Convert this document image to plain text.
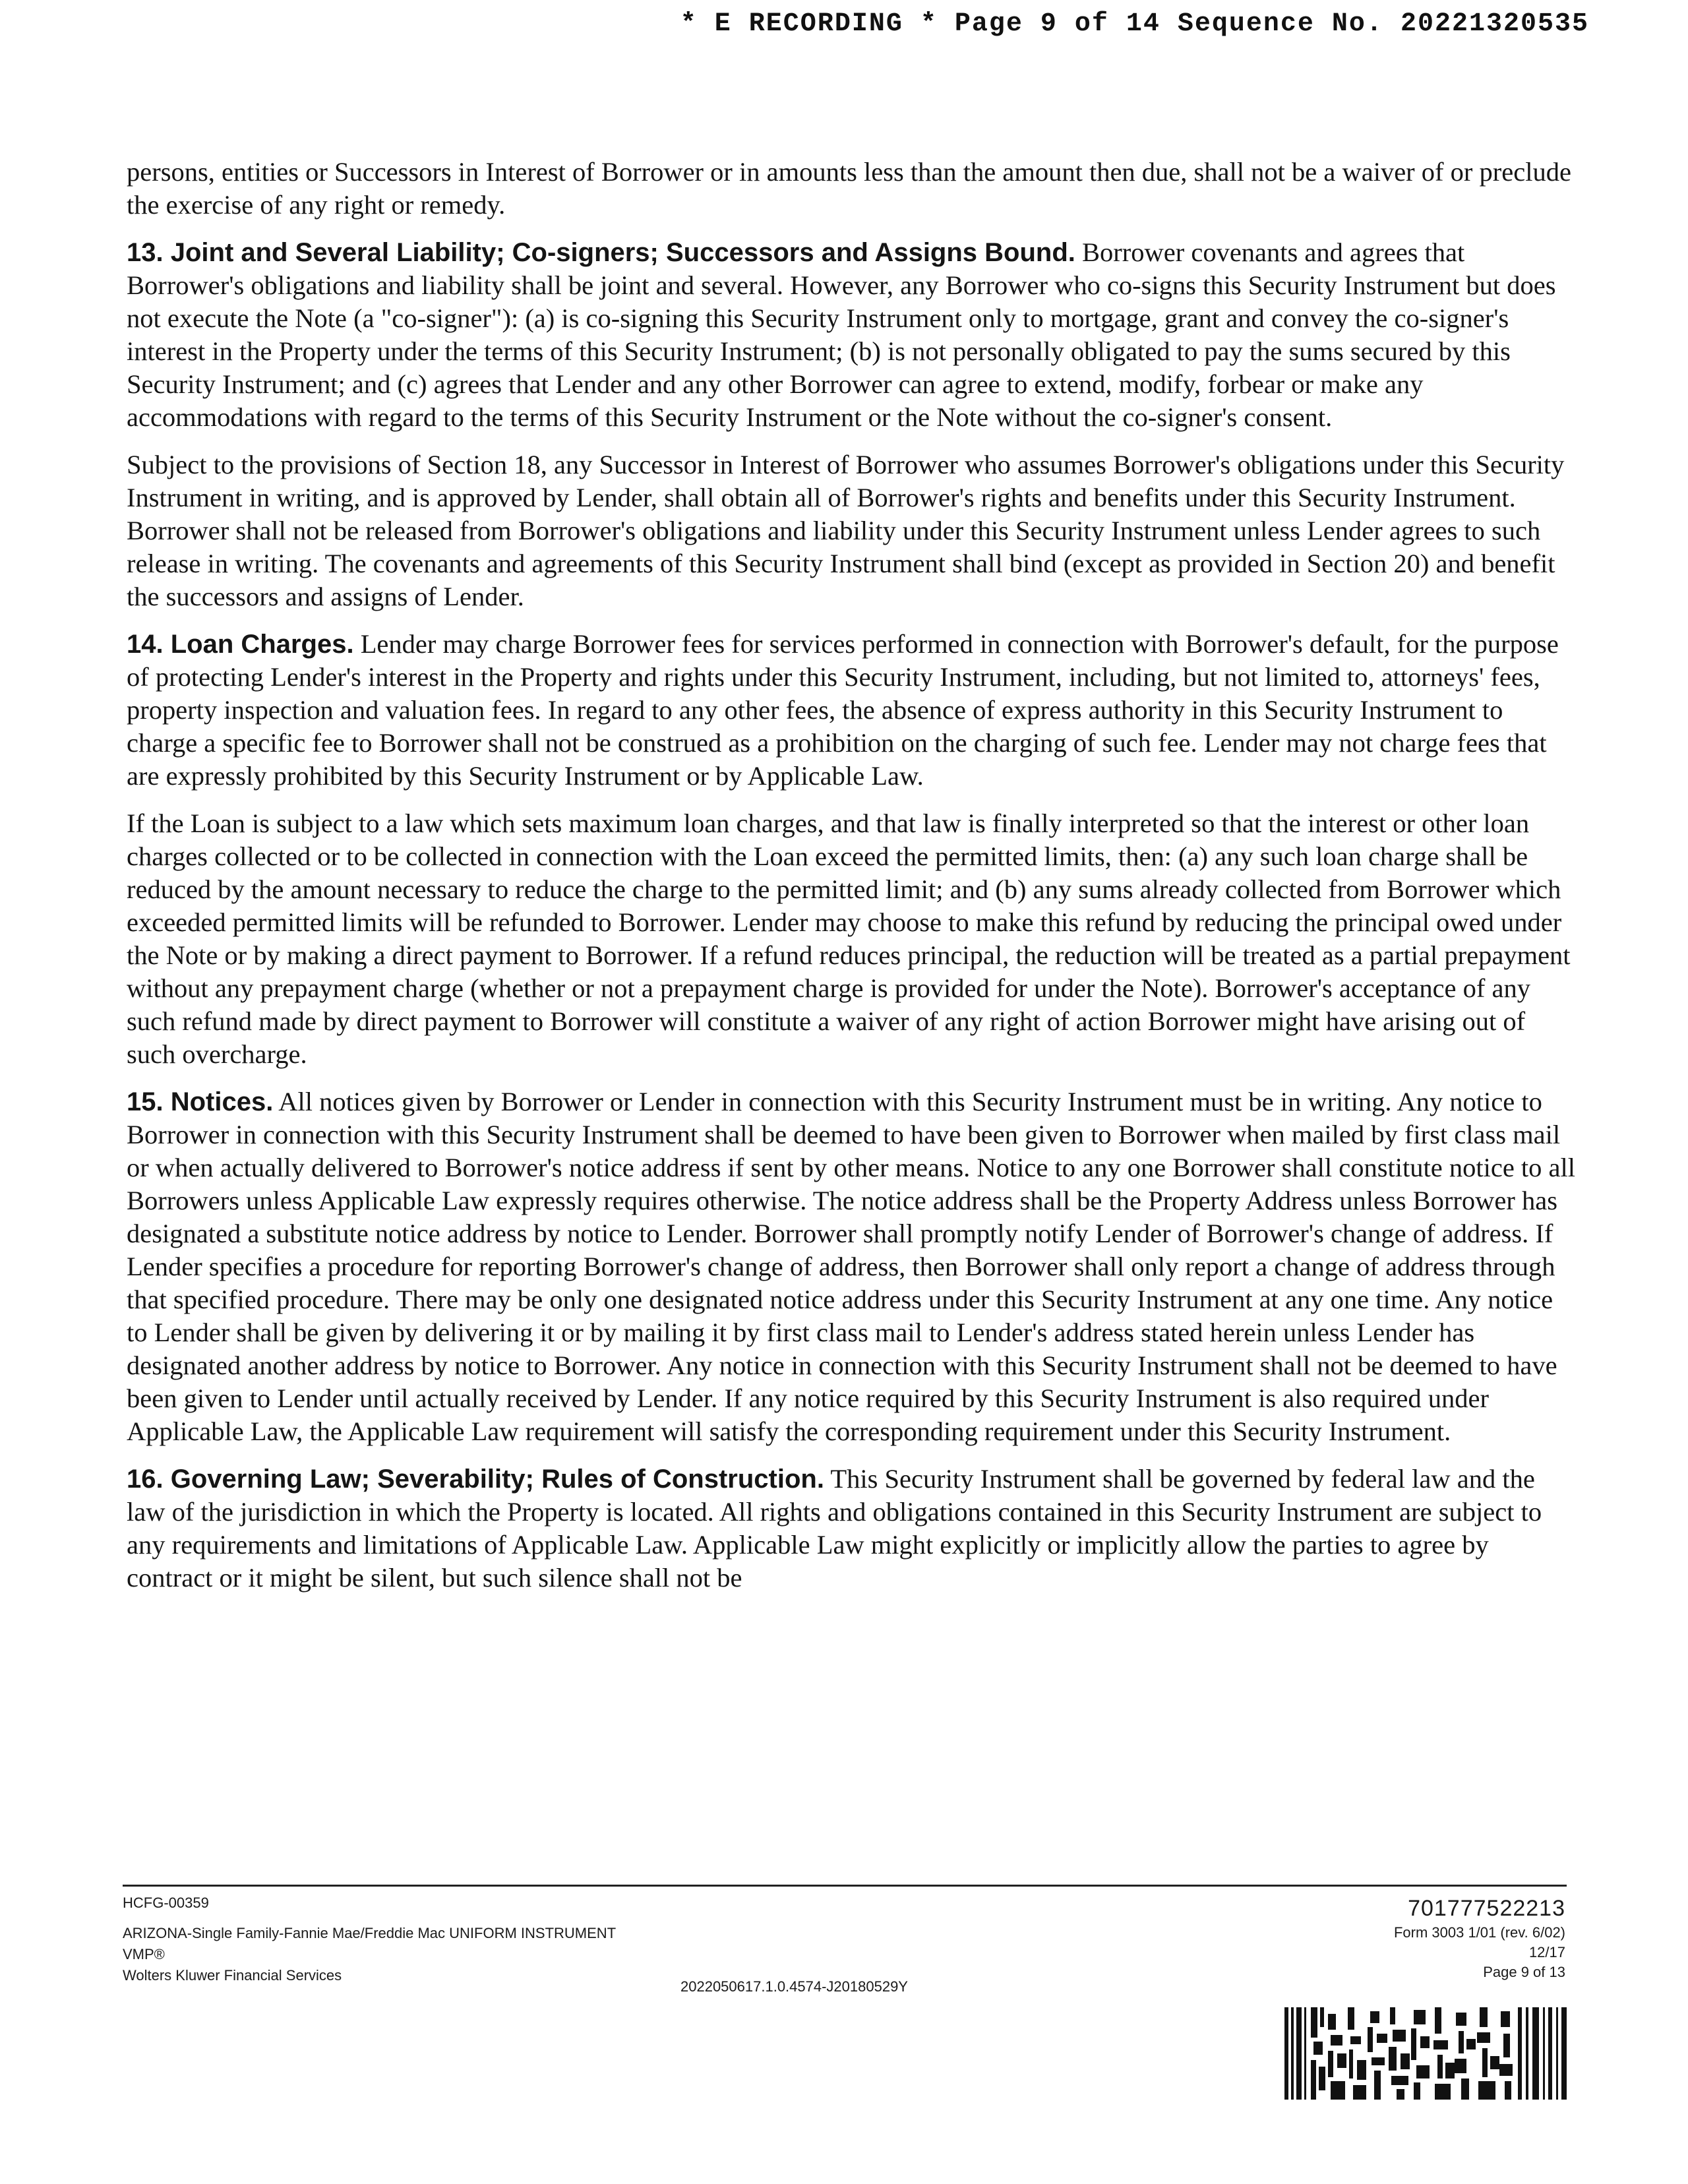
* E RECORDING * Page 9 of 14 Sequence No. 20221320535

persons, entities or Successors in Interest of Borrower or in amounts less than the amount then due, shall not be a waiver of or preclude the exercise of any right or remedy.

13. Joint and Several Liability; Co-signers; Successors and Assigns Bound. Borrower covenants and agrees that Borrower's obligations and liability shall be joint and several. However, any Borrower who co-signs this Security Instrument but does not execute the Note (a "co-signer"): (a) is co-signing this Security Instrument only to mortgage, grant and convey the co-signer's interest in the Property under the terms of this Security Instrument; (b) is not personally obligated to pay the sums secured by this Security Instrument; and (c) agrees that Lender and any other Borrower can agree to extend, modify, forbear or make any accommodations with regard to the terms of this Security Instrument or the Note without the co-signer's consent.

Subject to the provisions of Section 18, any Successor in Interest of Borrower who assumes Borrower's obligations under this Security Instrument in writing, and is approved by Lender, shall obtain all of Borrower's rights and benefits under this Security Instrument. Borrower shall not be released from Borrower's obligations and liability under this Security Instrument unless Lender agrees to such release in writing. The covenants and agreements of this Security Instrument shall bind (except as provided in Section 20) and benefit the successors and assigns of Lender.

14. Loan Charges. Lender may charge Borrower fees for services performed in connection with Borrower's default, for the purpose of protecting Lender's interest in the Property and rights under this Security Instrument, including, but not limited to, attorneys' fees, property inspection and valuation fees. In regard to any other fees, the absence of express authority in this Security Instrument to charge a specific fee to Borrower shall not be construed as a prohibition on the charging of such fee. Lender may not charge fees that are expressly prohibited by this Security Instrument or by Applicable Law.

If the Loan is subject to a law which sets maximum loan charges, and that law is finally interpreted so that the interest or other loan charges collected or to be collected in connection with the Loan exceed the permitted limits, then: (a) any such loan charge shall be reduced by the amount necessary to reduce the charge to the permitted limit; and (b) any sums already collected from Borrower which exceeded permitted limits will be refunded to Borrower. Lender may choose to make this refund by reducing the principal owed under the Note or by making a direct payment to Borrower. If a refund reduces principal, the reduction will be treated as a partial prepayment without any prepayment charge (whether or not a prepayment charge is provided for under the Note). Borrower's acceptance of any such refund made by direct payment to Borrower will constitute a waiver of any right of action Borrower might have arising out of such overcharge.

15. Notices. All notices given by Borrower or Lender in connection with this Security Instrument must be in writing. Any notice to Borrower in connection with this Security Instrument shall be deemed to have been given to Borrower when mailed by first class mail or when actually delivered to Borrower's notice address if sent by other means. Notice to any one Borrower shall constitute notice to all Borrowers unless Applicable Law expressly requires otherwise. The notice address shall be the Property Address unless Borrower has designated a substitute notice address by notice to Lender. Borrower shall promptly notify Lender of Borrower's change of address. If Lender specifies a procedure for reporting Borrower's change of address, then Borrower shall only report a change of address through that specified procedure. There may be only one designated notice address under this Security Instrument at any one time. Any notice to Lender shall be given by delivering it or by mailing it by first class mail to Lender's address stated herein unless Lender has designated another address by notice to Borrower. Any notice in connection with this Security Instrument shall not be deemed to have been given to Lender until actually received by Lender. If any notice required by this Security Instrument is also required under Applicable Law, the Applicable Law requirement will satisfy the corresponding requirement under this Security Instrument.

16. Governing Law; Severability; Rules of Construction. This Security Instrument shall be governed by federal law and the law of the jurisdiction in which the Property is located. All rights and obligations contained in this Security Instrument are subject to any requirements and limitations of Applicable Law. Applicable Law might explicitly or implicitly allow the parties to agree by contract or it might be silent, but such silence shall not be

HCFG-00359
ARIZONA-Single Family-Fannie Mae/Freddie Mac UNIFORM INSTRUMENT
VMP®
Wolters Kluwer Financial Services
2022050617.1.0.4574-J20180529Y
701777522213
Form 3003 1/01 (rev. 6/02)
12/17
Page 9 of 13
